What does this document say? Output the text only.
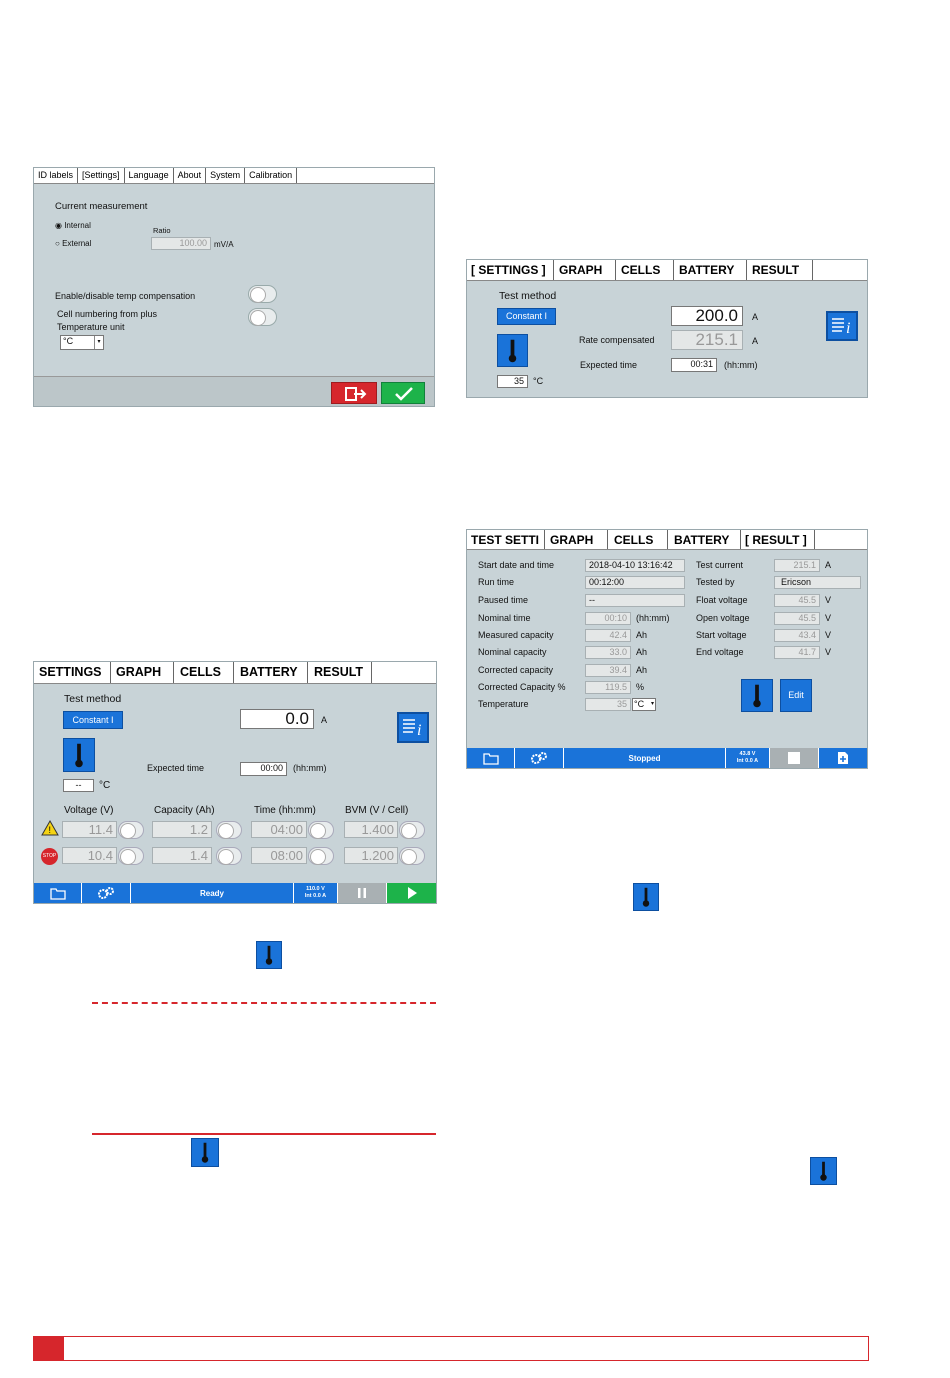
ID labels	[Settings]	Language	About	System	Calibration
Current measurement
◉ Internal
○ External
Ratio
100.00 mV/A
Enable/disable temp compensation
Cell numbering from plus
Temperature unit
°C	▾
[ SETTINGS ]	GRAPH	CELLS	BATTERY	RESULT
Test method
Constant I	200.0	A
Rate compensated	215.1	A
Expected time	00:31	(hh:mm)
35	°C
i
SETTINGS	GRAPH	CELLS	BATTERY	RESULT
Test method
Constant I	0.0	A
i
Expected time	00:00	(hh:mm)
--	°C
Voltage (V)	Capacity (Ah)	Time (hh:mm)	BVM (V / Cell)
!	11.4	1.2	04:00	1.400
STOP	10.4	1.4	08:00	1.200
Ready	110.0 V
Int 0.0 A
TEST SETTI GRAPH	CELLS	BATTERY	[ RESULT ]
Start date and time	2018-04-10 13:16:42
Run time	00:12:00
Paused time	--
Nominal time	00:10	(hh:mm)
Measured capacity	42.4	Ah
Nominal capacity	33.0	Ah
Corrected capacity	39.4	Ah
Corrected Capacity %	119.5	%
Temperature	35 °C ▾
Test current	215.1	A
Tested by	Ericson
Float voltage	45.5	V
Open voltage	45.5	V
Start voltage	43.4	V
End voltage	41.7	V
Edit
Stopped	43.8 V
Int 0.0 A
